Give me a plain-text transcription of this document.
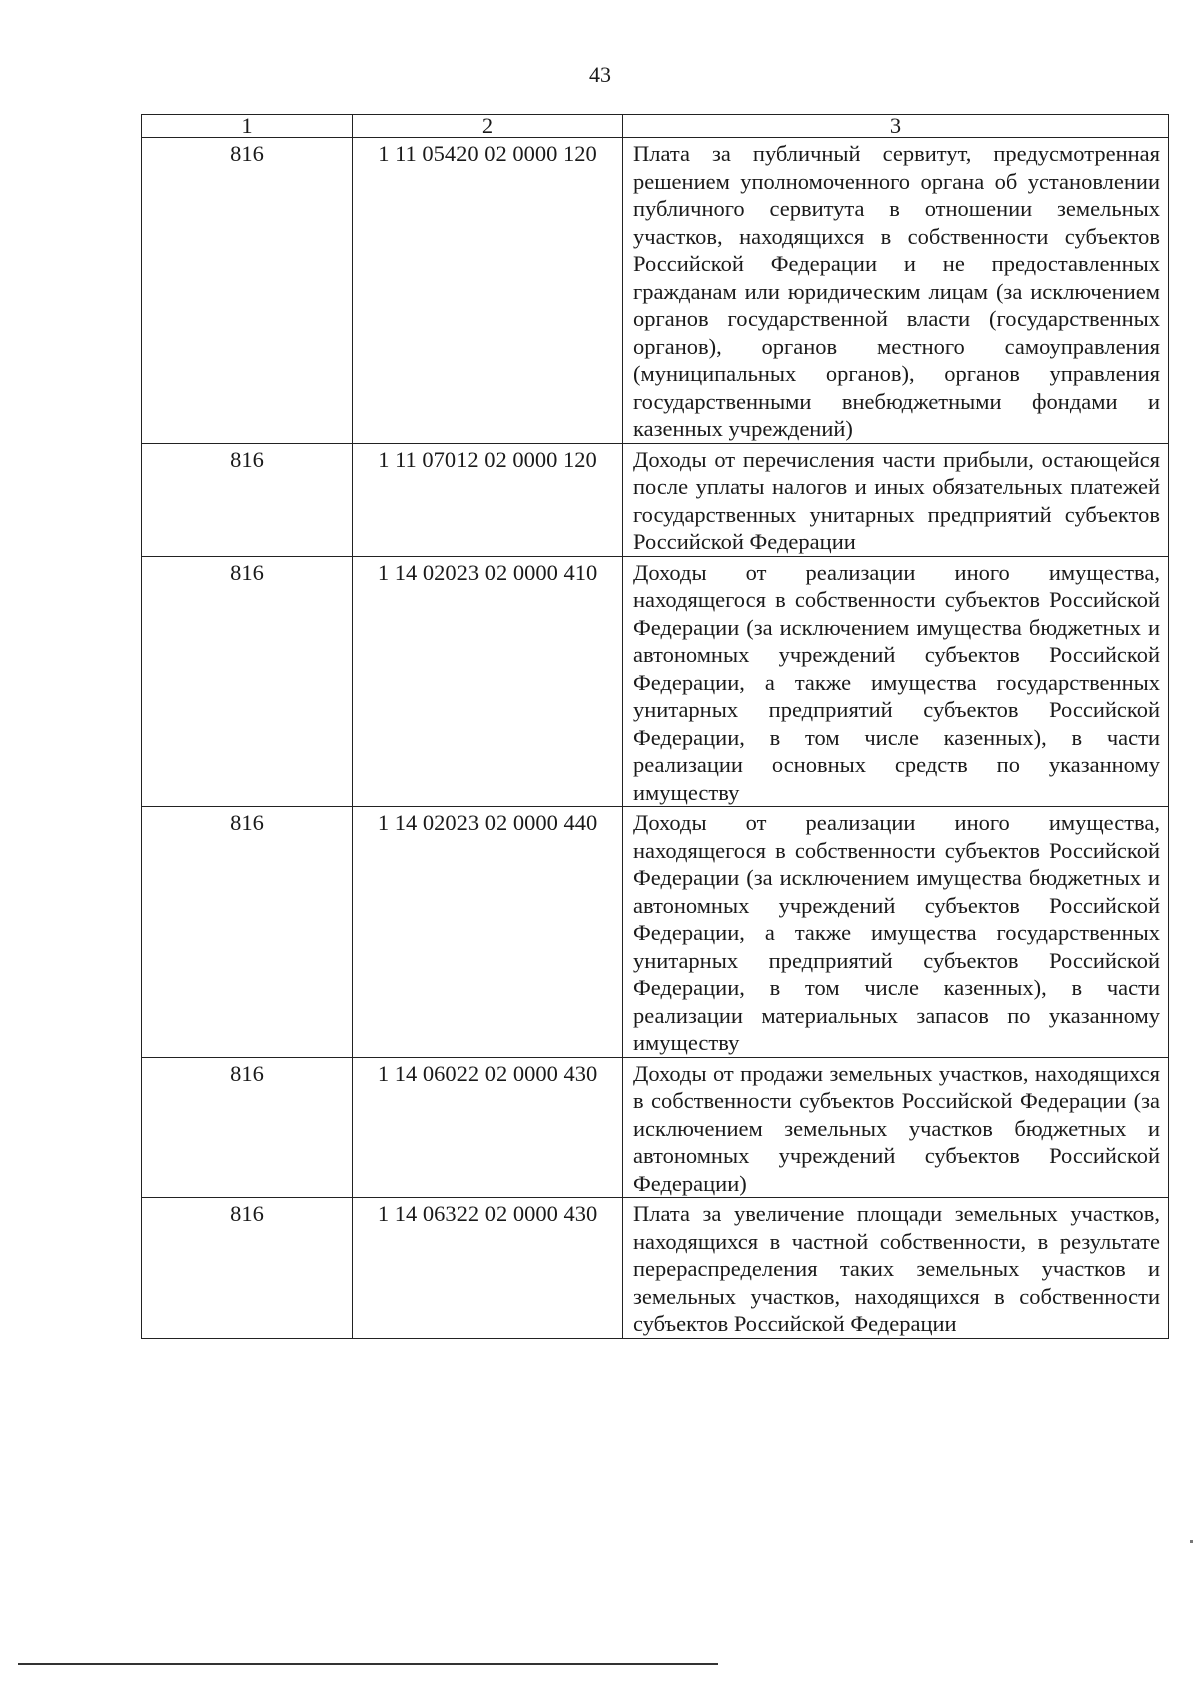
43
1	2	3
816	1 11 05420 02 0000 120	Плата за публичный сервитут, предусмотренная решением уполномоченного органа об установлении публичного сервитута в отношении земельных участков, находящихся в собственности субъектов Российской Федерации и не предоставленных гражданам или юридическим лицам (за исключением органов государственной власти (государственных органов), органов местного самоуправления (муниципальных органов), органов управления государственными внебюджетными фондами и казенных учреждений)
816	1 11 07012 02 0000 120	Доходы от перечисления части прибыли, остающейся после уплаты налогов и иных обязательных платежей государственных унитарных предприятий субъектов Российской Федерации
816	1 14 02023 02 0000 410	Доходы от реализации иного имущества, находящегося в собственности субъектов Российской Федерации (за исключением имущества бюджетных и автономных учреждений субъектов Российской Федерации, а также имущества государственных унитарных предприятий субъектов Российской Федерации, в том числе казенных), в части реализации основных средств по указанному имуществу
816	1 14 02023 02 0000 440	Доходы от реализации иного имущества, находящегося в собственности субъектов Российской Федерации (за исключением имущества бюджетных и автономных учреждений субъектов Российской Федерации, а также имущества государственных унитарных предприятий субъектов Российской Федерации, в том числе казенных), в части реализации материальных запасов по указанному имуществу
816	1 14 06022 02 0000 430	Доходы от продажи земельных участков, находящихся в собственности субъектов Российской Федерации (за исключением земельных участков бюджетных и автономных учреждений субъектов Российской Федерации)
816	1 14 06322 02 0000 430	Плата за увеличение площади земельных участков, находящихся в частной собственности, в результате перераспределения таких земельных участков и земельных участков, находящихся в собственности субъектов Российской Федерации
